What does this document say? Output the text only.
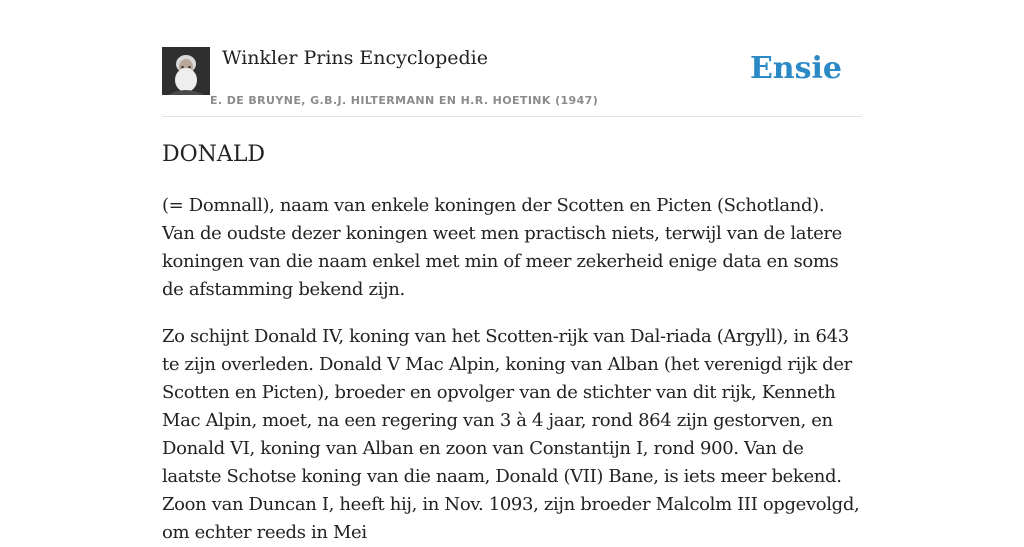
Winkler Prins Encyclopedie
E. DE BRUYNE, G.B.J. HILTERMANN EN H.R. HOETINK (1947)
Ensie
DONALD

(= Domnall), naam van enkele koningen der Scotten en Picten (Schotland). Van de oudste dezer koningen weet men practisch niets, terwijl van de latere koningen van die naam enkel met min of meer zekerheid enige data en soms de afstamming bekend zijn.

Zo schijnt Donald IV, koning van het Scotten-rijk van Dal-riada (Argyll), in 643 te zijn overleden. Donald V Mac Alpin, koning van Alban (het verenigd rijk der Scotten en Picten), broeder en opvolger van de stichter van dit rijk, Kenneth Mac Alpin, moet, na een regering van 3 à 4 jaar, rond 864 zijn gestorven, en Donald VI, koning van Alban en zoon van Constantijn I, rond 900. Van de laatste Schotse koning van die naam, Donald (VII) Bane, is iets meer bekend. Zoon van Duncan I, heeft hij, in Nov. 1093, zijn broeder Malcolm III opgevolgd, om echter reeds in Mei
